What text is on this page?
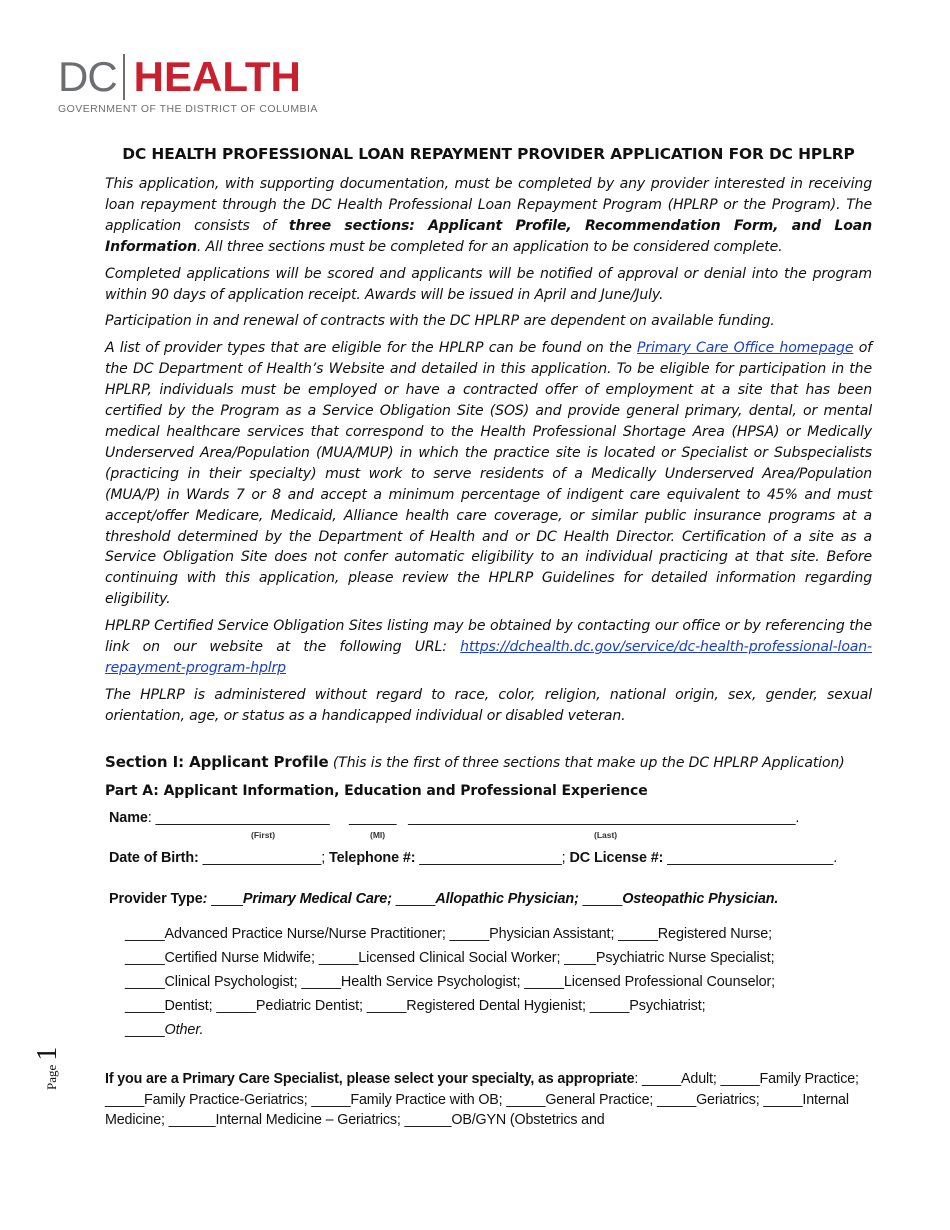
DC HEALTH
GOVERNMENT OF THE DISTRICT OF COLUMBIA
DC HEALTH PROFESSIONAL LOAN REPAYMENT PROVIDER APPLICATION FOR DC HPLRP

This application, with supporting documentation, must be completed by any provider interested in receiving loan repayment through the DC Health Professional Loan Repayment Program (HPLRP or the Program). The application consists of three sections: Applicant Profile, Recommendation Form, and Loan Information. All three sections must be completed for an application to be considered complete.

Completed applications will be scored and applicants will be notified of approval or denial into the program within 90 days of application receipt. Awards will be issued in April and June/July.

Participation in and renewal of contracts with the DC HPLRP are dependent on available funding.

A list of provider types that are eligible for the HPLRP can be found on the Primary Care Office homepage of the DC Department of Health’s Website and detailed in this application. To be eligible for participation in the HPLRP, individuals must be employed or have a contracted offer of employment at a site that has been certified by the Program as a Service Obligation Site (SOS) and provide general primary, dental, or mental medical healthcare services that correspond to the Health Professional Shortage Area (HPSA) or Medically Underserved Area/Population (MUA/MUP) in which the practice site is located or Specialist or Subspecialists (practicing in their specialty) must work to serve residents of a Medically Underserved Area/Population (MUA/P) in Wards 7 or 8 and accept a minimum percentage of indigent care equivalent to 45% and must accept/offer Medicare, Medicaid, Alliance health care coverage, or similar public insurance programs at a threshold determined by the Department of Health and or DC Health Director. Certification of a site as a Service Obligation Site does not confer automatic eligibility to an individual practicing at that site. Before continuing with this application, please review the HPLRP Guidelines for detailed information regarding eligibility.

HPLRP Certified Service Obligation Sites listing may be obtained by contacting our office or by referencing the link on our website at the following URL: https://dchealth.dc.gov/service/dc-health-professional-loan-repayment-program-hplrp

The HPLRP is administered without regard to race, color, religion, national origin, sex, gender, sexual orientation, age, or status as a handicapped individual or disabled veteran.

Section I: Applicant Profile (This is the first of three sections that make up the DC HPLRP Application)
Part A: Applicant Information, Education and Professional Experience
Name: ______________________ ______ _________________________________________________.
(First)	(MI)	(Last)
Date of Birth: _______________; Telephone #: __________________; DC License #: _____________________.
Provider Type: ____Primary Medical Care; _____Allopathic Physician; _____Osteopathic Physician.
_____Advanced Practice Nurse/Nurse Practitioner; _____Physician Assistant; _____Registered Nurse;
_____Certified Nurse Midwife; _____Licensed Clinical Social Worker; ____Psychiatric Nurse Specialist;
_____Clinical Psychologist; _____Health Service Psychologist; _____Licensed Professional Counselor;
_____Dentist; _____Pediatric Dentist; _____Registered Dental Hygienist; _____Psychiatrist;
_____Other.
Page 1
If you are a Primary Care Specialist, please select your specialty, as appropriate: _____Adult; _____Family Practice; _____Family Practice-Geriatrics; _____Family Practice with OB; _____General Practice; _____Geriatrics; _____Internal Medicine; ______Internal Medicine – Geriatrics; ______OB/GYN (Obstetrics and
